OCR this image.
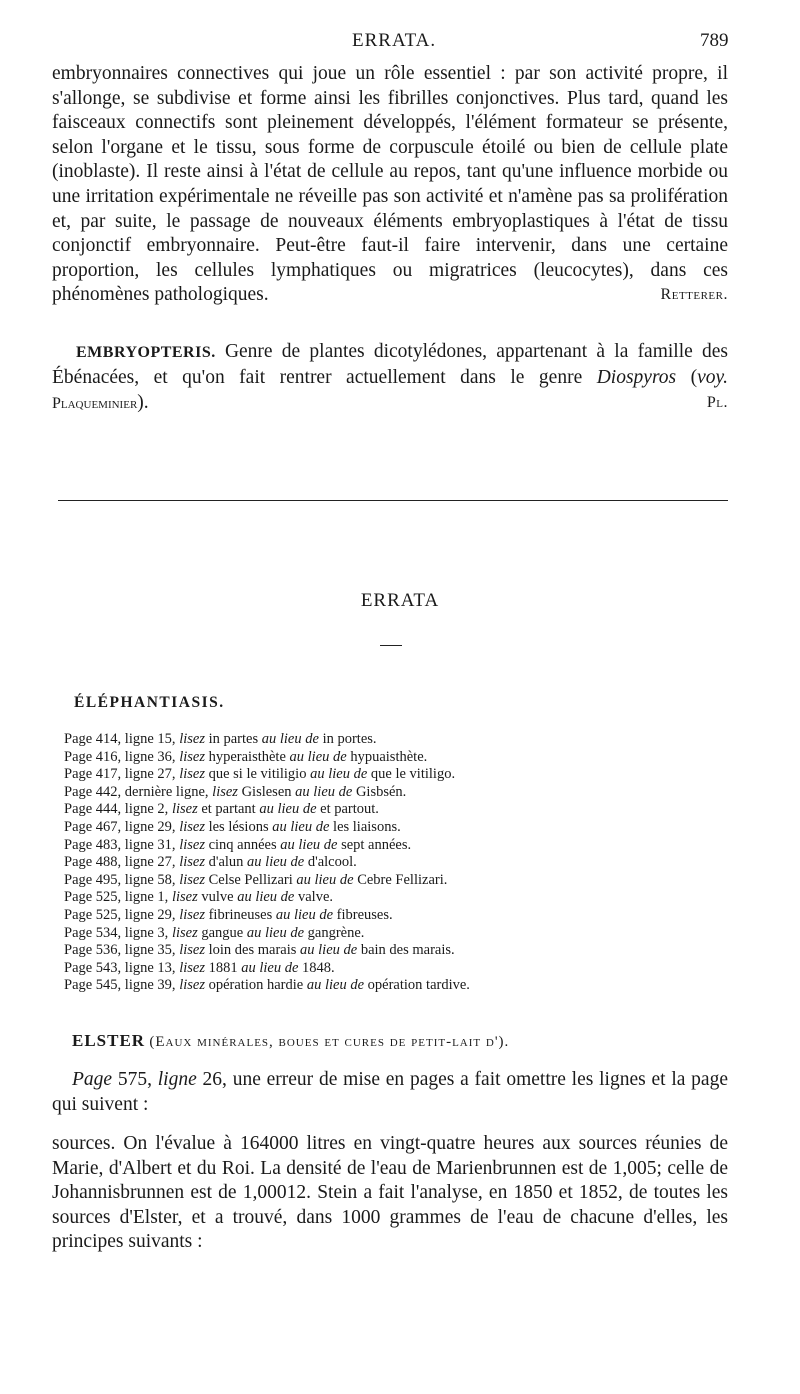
ERRATA.	789
embryonnaires connectives qui joue un rôle essentiel : par son activité propre, il s'allonge, se subdivise et forme ainsi les fibrilles conjonctives. Plus tard, quand les faisceaux connectifs sont pleinement développés, l'élément formateur se présente, selon l'organe et le tissu, sous forme de corpuscule étoilé ou bien de cellule plate (inoblaste). Il reste ainsi à l'état de cellule au repos, tant qu'une influence morbide ou une irritation expérimentale ne réveille pas son activité et n'amène pas sa prolifération et, par suite, le passage de nouveaux éléments embryoplastiques à l'état de tissu conjonctif embryonnaire. Peut-être faut-il faire intervenir, dans une certaine proportion, les cellules lymphatiques ou migratrices (leucocytes), dans ces phénomènes pathologiques.	Retterer.
EMBRYOPTERIS. Genre de plantes dicotylédones, appartenant à la famille des Ébénacées, et qu'on fait rentrer actuellement dans le genre Diospyros (voy. Plaqueminier).	Pl.
ERRATA
ÉLÉPHANTIASIS.
Page 414, ligne 15, lisez in partes au lieu de in portes.
Page 416, ligne 36, lisez hyperaisthète au lieu de hypuaisthète.
Page 417, ligne 27, lisez que si le vitiligio au lieu de que le vitiligo.
Page 442, dernière ligne, lisez Gislesen au lieu de Gisbsén.
Page 444, ligne 2, lisez et partant au lieu de et partout.
Page 467, ligne 29, lisez les lésions au lieu de les liaisons.
Page 483, ligne 31, lisez cinq années au lieu de sept années.
Page 488, ligne 27, lisez d'alun au lieu de d'alcool.
Page 495, ligne 58, lisez Celse Pellizari au lieu de Cebre Fellizari.
Page 525, ligne 1, lisez vulve au lieu de valve.
Page 525, ligne 29, lisez fibrineuses au lieu de fibreuses.
Page 534, ligne 3, lisez gangue au lieu de gangrène.
Page 536, ligne 35, lisez loin des marais au lieu de bain des marais.
Page 543, ligne 13, lisez 1881 au lieu de 1848.
Page 545, ligne 39, lisez opération hardie au lieu de opération tardive.
ELSTER (Eaux minérales, boues et cures de petit-lait d').
Page 575, ligne 26, une erreur de mise en pages a fait omettre les lignes et la page qui suivent :
sources. On l'évalue à 164000 litres en vingt-quatre heures aux sources réunies de Marie, d'Albert et du Roi. La densité de l'eau de Marienbrunnen est de 1,005; celle de Johannisbrunnen est de 1,00012. Stein a fait l'analyse, en 1850 et 1852, de toutes les sources d'Elster, et a trouvé, dans 1000 grammes de l'eau de chacune d'elles, les principes suivants :
